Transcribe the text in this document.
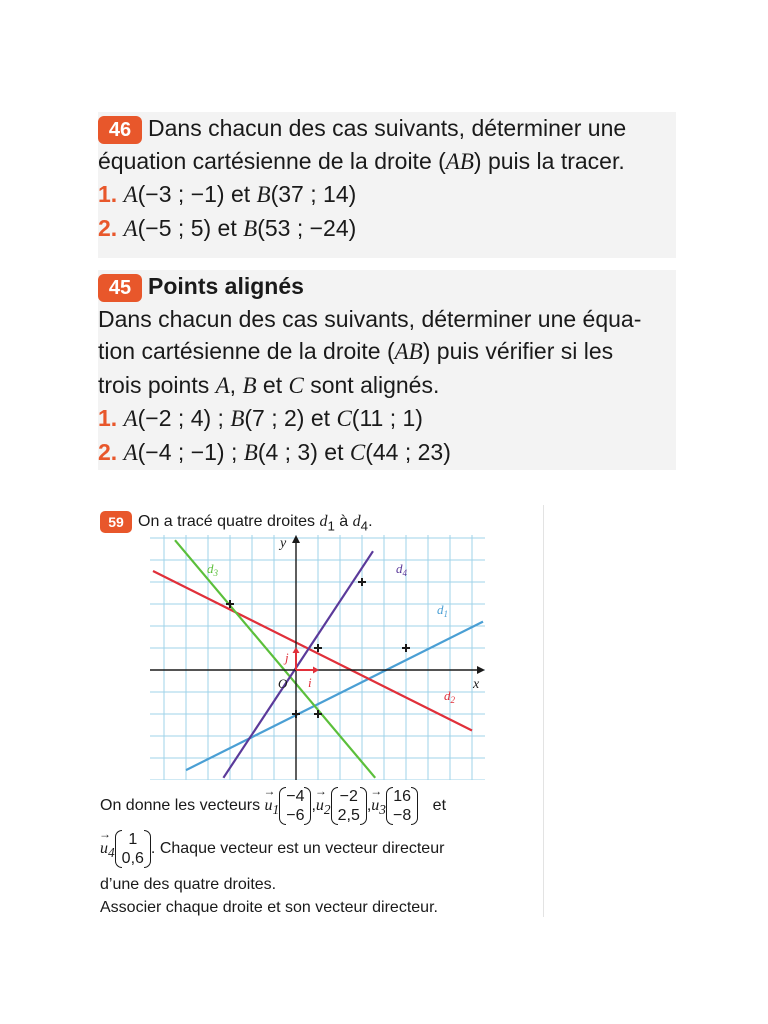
46 Dans chacun des cas suivants, déterminer une
équation cartésienne de la droite (AB) puis la tracer.
1. A(−3 ; −1) et B(37 ; 14)
2. A(−5 ; 5) et B(53 ; −24)
45 Points alignés
Dans chacun des cas suivants, déterminer une équa-
tion cartésienne de la droite (AB) puis vérifier si les
trois points A, B et C sont alignés.
1. A(−2 ; 4) ; B(7 ; 2) et C(11 ; 1)
2. A(−4 ; −1) ; B(4 ; 3) et C(44 ; 23)
59 On a tracé quatre droites $d_1$ à $d_4$.
x
y
O i
j
$d_1$
$d_2$
$d_3$	$d_4$
On donne les vecteurs → $u_1$
−4
−6
,→ $u_2$
−2
2,5
,→ $u_3$
16
−8
et
→ $u_4$
1
0,6
. Chaque vecteur est un vecteur directeur
d’une des quatre droites.
Associer chaque droite et son vecteur directeur.
